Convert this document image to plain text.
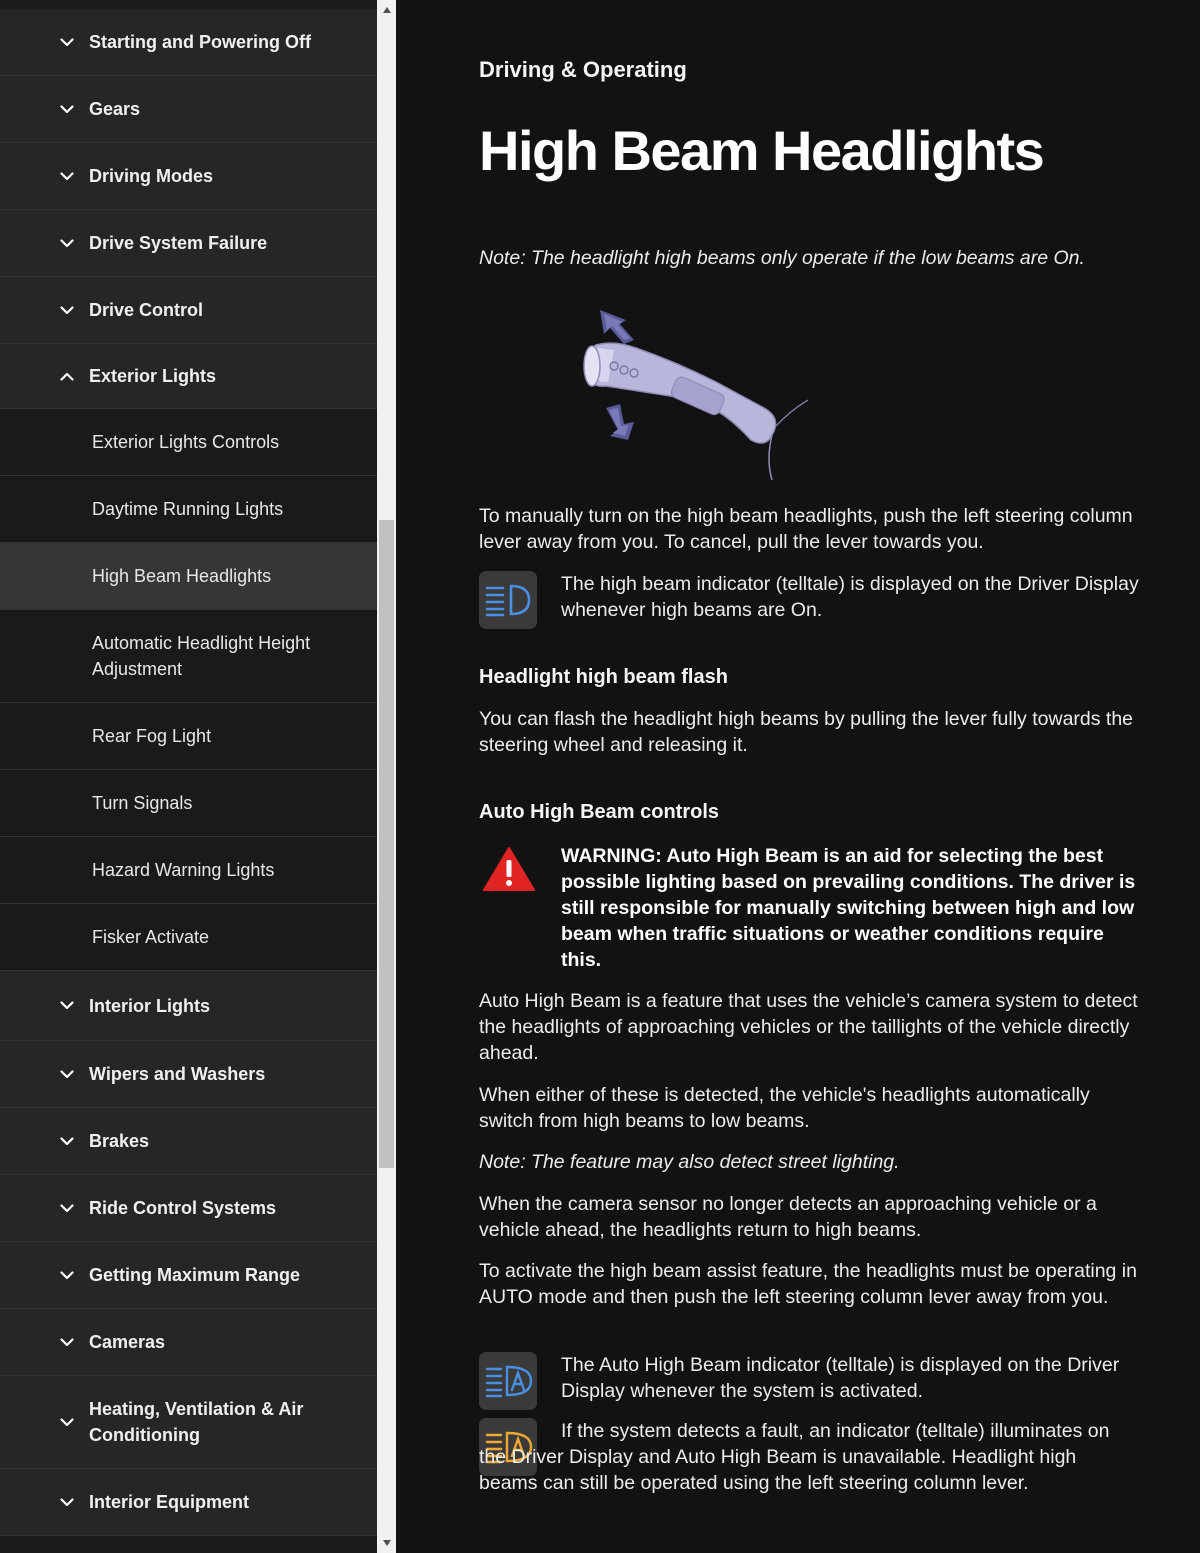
Starting and Powering Off
Gears
Driving Modes
Drive System Failure
Drive Control
Exterior Lights
Exterior Lights Controls
Daytime Running Lights
High Beam Headlights
Automatic Headlight Height Adjustment
Rear Fog Light
Turn Signals
Hazard Warning Lights
Fisker Activate
Interior Lights
Wipers and Washers
Brakes
Ride Control Systems
Getting Maximum Range
Cameras
Heating, Ventilation & Air Conditioning
Interior Equipment
Driving & Operating
High Beam Headlights
Note: The headlight high beams only operate if the low beams are On.

To manually turn on the high beam headlights, push the left steering column lever away from you. To cancel, pull the lever towards you.

The high beam indicator (telltale) is displayed on the Driver Display whenever high beams are On.

Headlight high beam flash

You can flash the headlight high beams by pulling the lever fully towards the steering wheel and releasing it.

Auto High Beam controls

WARNING: Auto High Beam is an aid for selecting the best possible lighting based on prevailing conditions. The driver is still responsible for manually switching between high and low beam when traffic situations or weather conditions require this.

Auto High Beam is a feature that uses the vehicle’s camera system to detect the headlights of approaching vehicles or the taillights of the vehicle directly ahead.

When either of these is detected, the vehicle's headlights automatically switch from high beams to low beams.

Note: The feature may also detect street lighting.

When the camera sensor no longer detects an approaching vehicle or a vehicle ahead, the headlights return to high beams.

To activate the high beam assist feature, the headlights must be operating in AUTO mode and then push the left steering column lever away from you.

The Auto High Beam indicator (telltale) is displayed on the Driver Display whenever the system is activated.

If the system detects a fault, an indicator (telltale) illuminates on the Driver Display and Auto High Beam is unavailable. Headlight high beams can still be operated using the left steering column lever.
